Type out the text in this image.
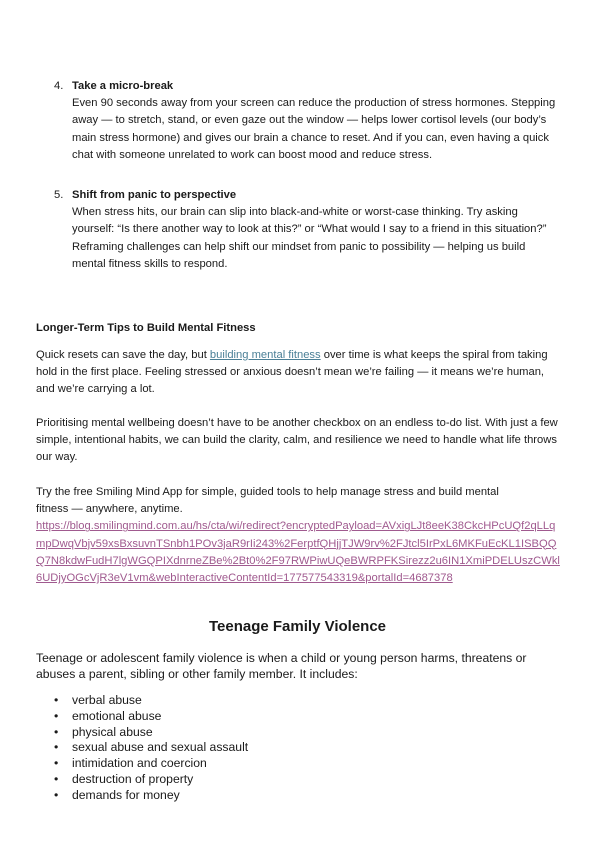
4. Take a micro-break
Even 90 seconds away from your screen can reduce the production of stress hormones. Stepping away — to stretch, stand, or even gaze out the window — helps lower cortisol levels (our body’s main stress hormone) and gives our brain a chance to reset. And if you can, even having a quick chat with someone unrelated to work can boost mood and reduce stress.
5. Shift from panic to perspective
When stress hits, our brain can slip into black-and-white or worst-case thinking. Try asking yourself: “Is there another way to look at this?” or “What would I say to a friend in this situation?” Reframing challenges can help shift our mindset from panic to possibility — helping us build mental fitness skills to respond.
Longer-Term Tips to Build Mental Fitness
Quick resets can save the day, but building mental fitness over time is what keeps the spiral from taking hold in the first place. Feeling stressed or anxious doesn’t mean we’re failing — it means we’re human, and we’re carrying a lot.
Prioritising mental wellbeing doesn’t have to be another checkbox on an endless to-do list. With just a few simple, intentional habits, we can build the clarity, calm, and resilience we need to handle what life throws our way.
Try the free Smiling Mind App for simple, guided tools to help manage stress and build mental
fitness — anywhere, anytime.
https://blog.smilingmind.com.au/hs/cta/wi/redirect?encryptedPayload=AVxigLJt8eeK38CkcHPcUQf2qLLqmpDwqVbjv59xsBxsuvnTSnbh1POv3jaR9rIi243%2FerptfQHjjTJW9rv%2FJtcl5IrPxL6MKFuEcKL1ISBQQQ7N8kdwFudH7lgWGQPIXdnrneZBe%2Bt0%2F97RWPiwUQeBWRPFKSirezz2u6IN1XmiPDELUszCWkl6UDjyOGcVjR3eV1vm&webInteractiveContentId=177577543319&portalId=4687378
Teenage Family Violence
Teenage or adolescent family violence is when a child or young person harms, threatens or abuses a parent, sibling or other family member. It includes:
• verbal abuse
• emotional abuse
• physical abuse
• sexual abuse and sexual assault
• intimidation and coercion
• destruction of property
• demands for money
